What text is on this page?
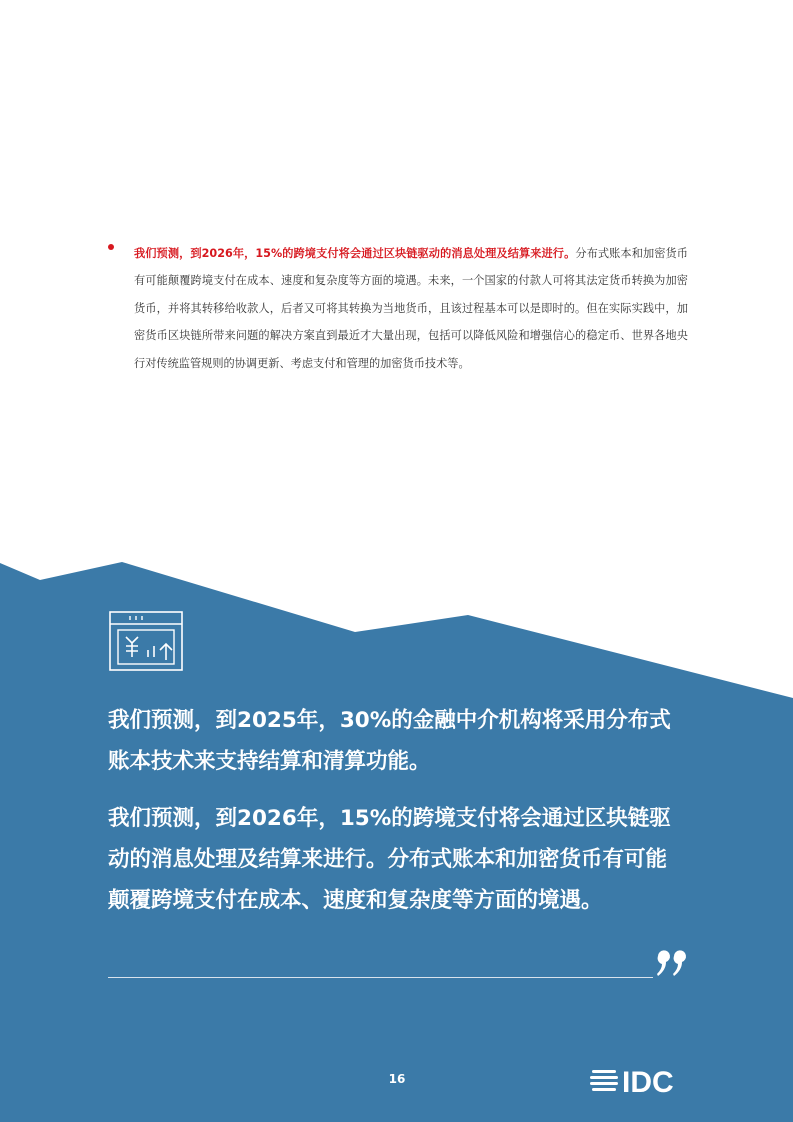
我们预测，到2026年，15%的跨境支付将会通过区块链驱动的消息处理及结算来进行。分布式账本和加密货币有可能颠覆跨境支付在成本、速度和复杂度等方面的境遇。未来，一个国家的付款人可将其法定货币转换为加密货币，并将其转移给收款人，后者又可将其转换为当地货币，且该过程基本可以是即时的。但在实际实践中，加密货币区块链所带来问题的解决方案直到最近才大量出现，包括可以降低风险和增强信心的稳定币、世界各地央行对传统监管规则的协调更新、考虑支付和管理的加密货币技术等。

我们预测，到2025年，30%的金融中介机构将采用分布式账本技术来支持结算和清算功能。

我们预测，到2026年，15%的跨境支付将会通过区块链驱动的消息处理及结算来进行。分布式账本和加密货币有可能颠覆跨境支付在成本、速度和复杂度等方面的境遇。

16	IDC
